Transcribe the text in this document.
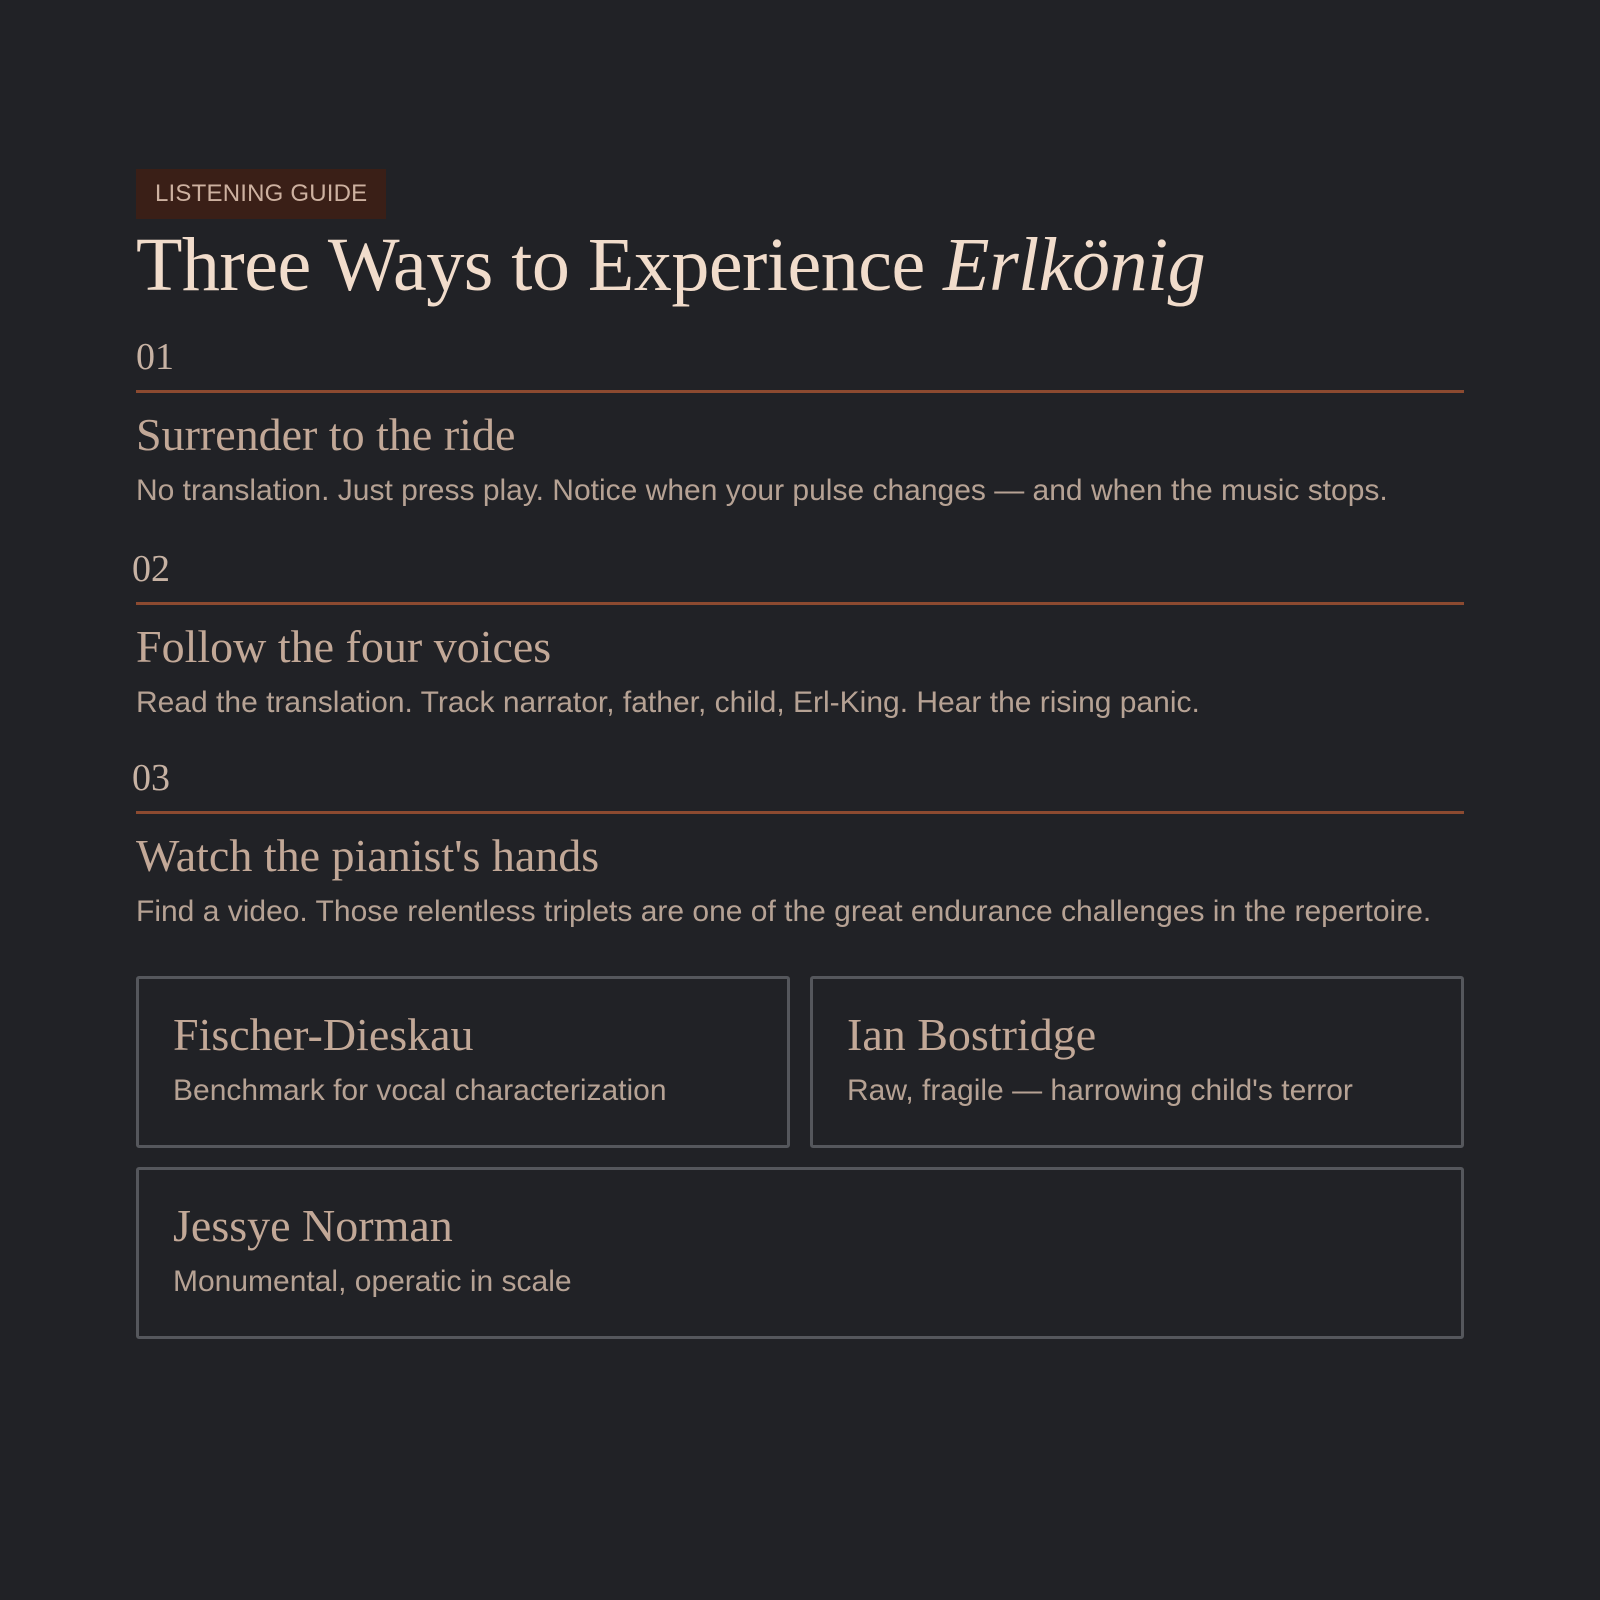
LISTENING GUIDE
Three Ways to Experience Erlkönig
01
Surrender to the ride

No translation. Just press play. Notice when your pulse changes — and when the music stops.

02
Follow the four voices

Read the translation. Track narrator, father, child, Erl-King. Hear the rising panic.

03
Watch the pianist's hands

Find a video. Those relentless triplets are one of the great endurance challenges in the repertoire.

Fischer-Dieskau

Benchmark for vocal characterization

Ian Bostridge

Raw, fragile — harrowing child's terror

Jessye Norman

Monumental, operatic in scale
